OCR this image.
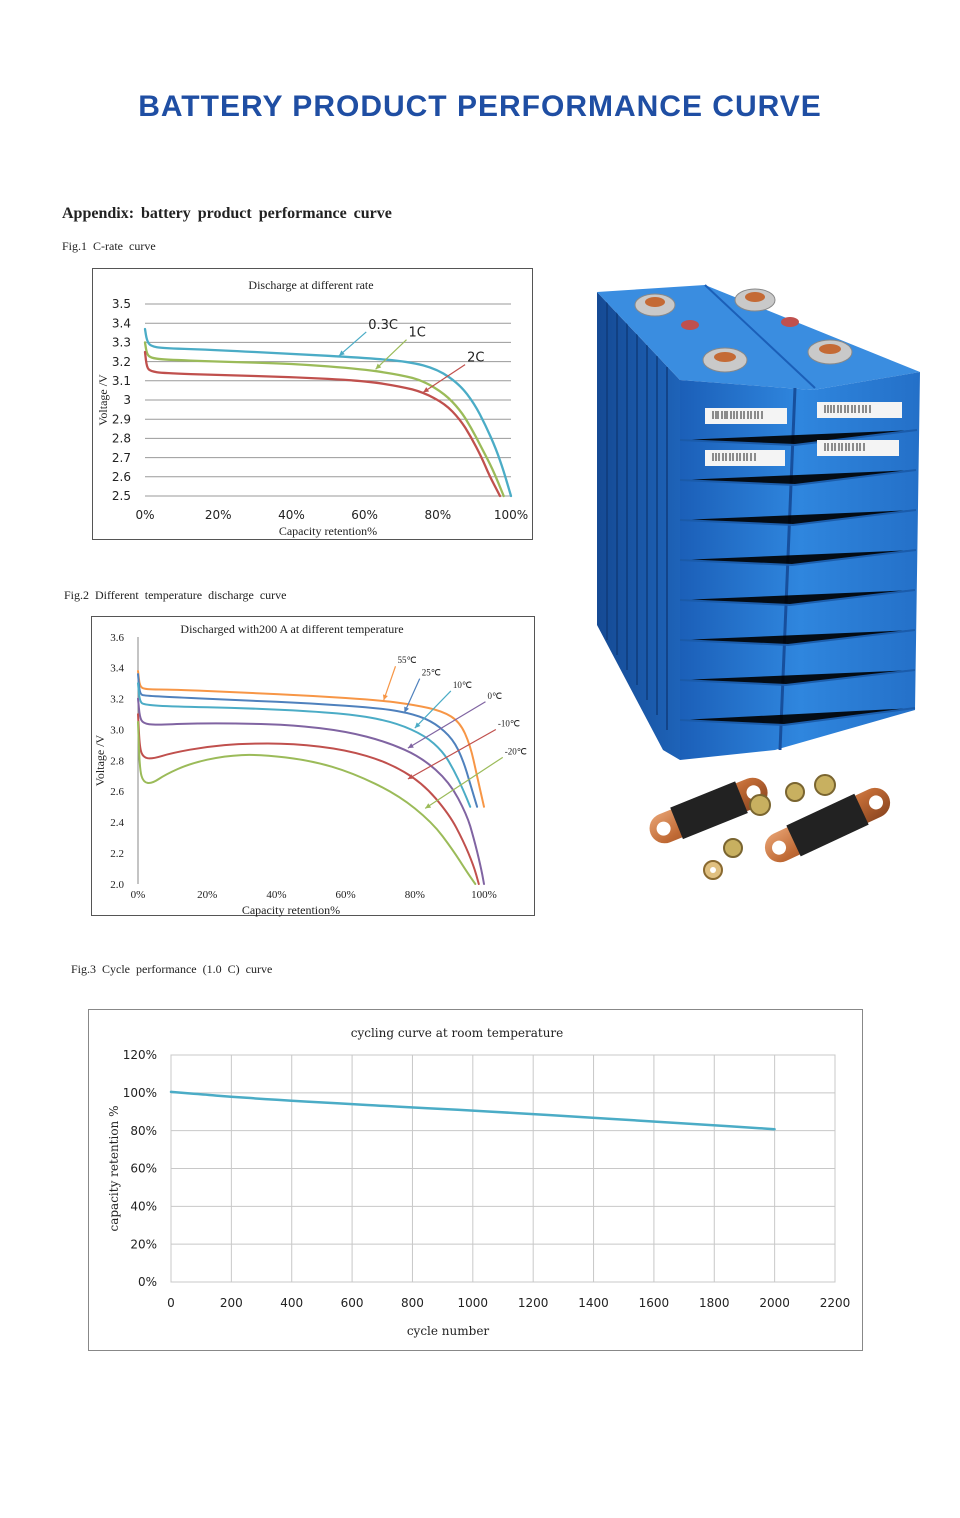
BATTERY PRODUCT PERFORMANCE CURVE
Appendix: battery product performance curve
Fig.1 C-rate curve
Discharge at different rate
3.5
3.4
3.3
3.2
3.1
3
2.9
2.8
2.7
2.6
2.5
0%	20%	40%	60%	80%	100%
Capacity retention%
Voltage /V
0.3C
1C
2C
Fig.2 Different temperature discharge curve
Discharged with200 A at different temperature
3.6
3.4
3.2
3.0
2.8
2.6
2.4
2.2
2.0
0%	20%	40%	60%	80%	100%
Capacity retention%
Voltage /V
55℃
25℃
10℃
0℃
-10℃
-20℃
Fig.3 Cycle performance (1.0 C) curve
cycling curve at room temperature
120%
100%
80%
60%
40%
20%
0%
0	200	400	600	800	1000 1200 1400 1600 1800 2000 2200
cycle number
capacity retention %
